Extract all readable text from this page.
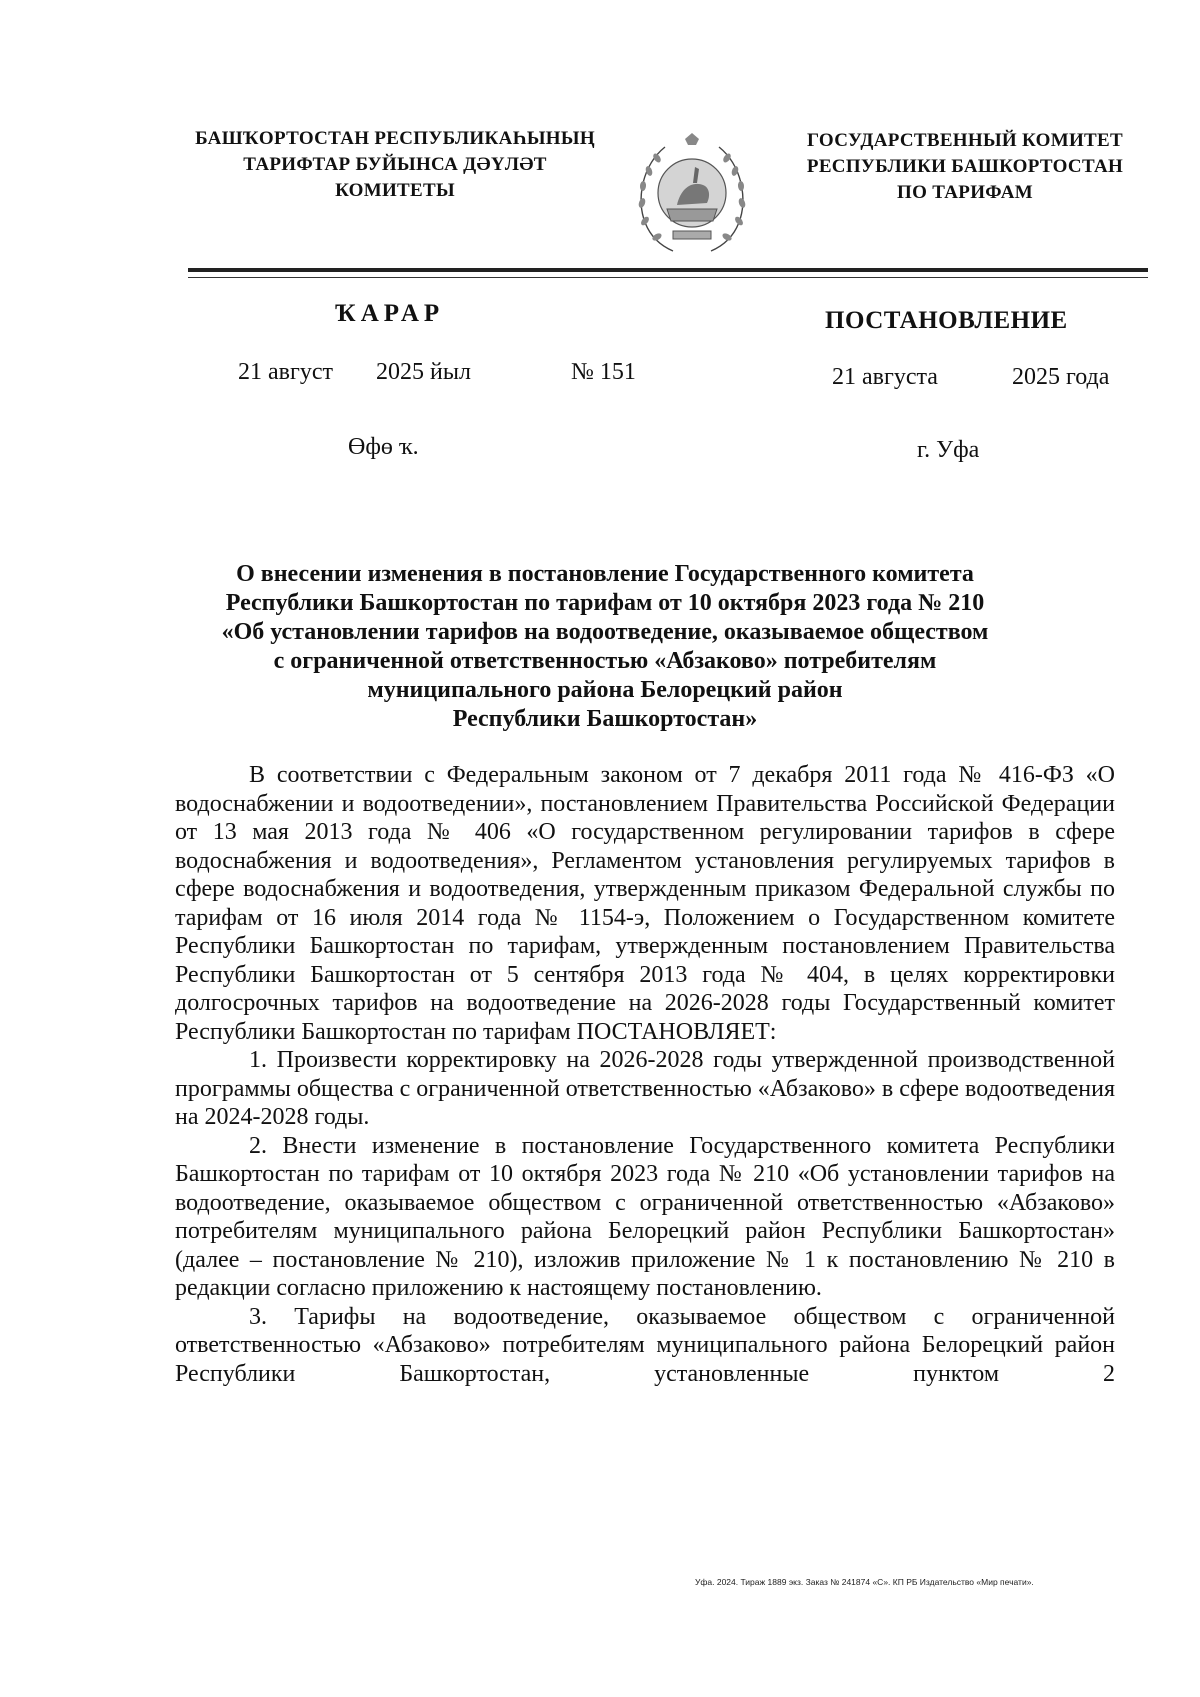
БАШҠОРТОСТАН РЕСПУБЛИКАҺЫНЫҢ
ТАРИФТАР БУЙЫНСА ДӘҮЛӘТ
КОМИТЕТЫ
ГОСУДАРСТВЕННЫЙ КОМИТЕТ
РЕСПУБЛИКИ БАШКОРТОСТАН
ПО ТАРИФАМ
ҠАРАР	ПОСТАНОВЛЕНИЕ
21 август 2025 йыл	№ 151	21 августа	2025 года
Өфө ҡ.	г. Уфа
О внесении изменения в постановление Государственного комитета
Республики Башкортостан по тарифам от 10 октября 2023 года № 210
«Об установлении тарифов на водоотведение, оказываемое обществом
с ограниченной ответственностью «Абзаково» потребителям
муниципального района Белорецкий район
Республики Башкортостан»

В соответствии с Федеральным законом от 7 декабря 2011 года № 416-ФЗ «О водоснабжении и водоотведении», постановлением Правительства Российской Федерации от 13 мая 2013 года № 406 «О государственном регулировании тарифов в сфере водоснабжения и водоотведения», Регламентом установления регулируемых тарифов в сфере водоснабжения и водоотведения, утвержденным приказом Федеральной службы по тарифам от 16 июля 2014 года № 1154-э, Положением о Государственном комитете Республики Башкортостан по тарифам, утвержденным постановлением Правительства Республики Башкортостан от 5 сентября 2013 года № 404, в целях корректировки долгосрочных тарифов на водоотведение на 2026-2028 годы Государственный комитет Республики Башкортостан по тарифам ПОСТАНОВЛЯЕТ:

1. Произвести корректировку на 2026-2028 годы утвержденной производственной программы общества с ограниченной ответственностью «Абзаково» в сфере водоотведения на 2024-2028 годы.

2. Внести изменение в постановление Государственного комитета Республики Башкортостан по тарифам от 10 октября 2023 года № 210 «Об установлении тарифов на водоотведение, оказываемое обществом с ограниченной ответственностью «Абзаково» потребителям муниципального района Белорецкий район Республики Башкортостан» (далее – постановление № 210), изложив приложение № 1 к постановлению № 210 в редакции согласно приложению к настоящему постановлению.

3. Тарифы на водоотведение, оказываемое обществом с ограниченной ответственностью «Абзаково» потребителям муниципального района Белорецкий район Республики Башкортостан, установленные пунктом 2

Уфа. 2024. Тираж 1889 экз. Заказ № 241874 «С». КП РБ Издательство «Мир печати».
